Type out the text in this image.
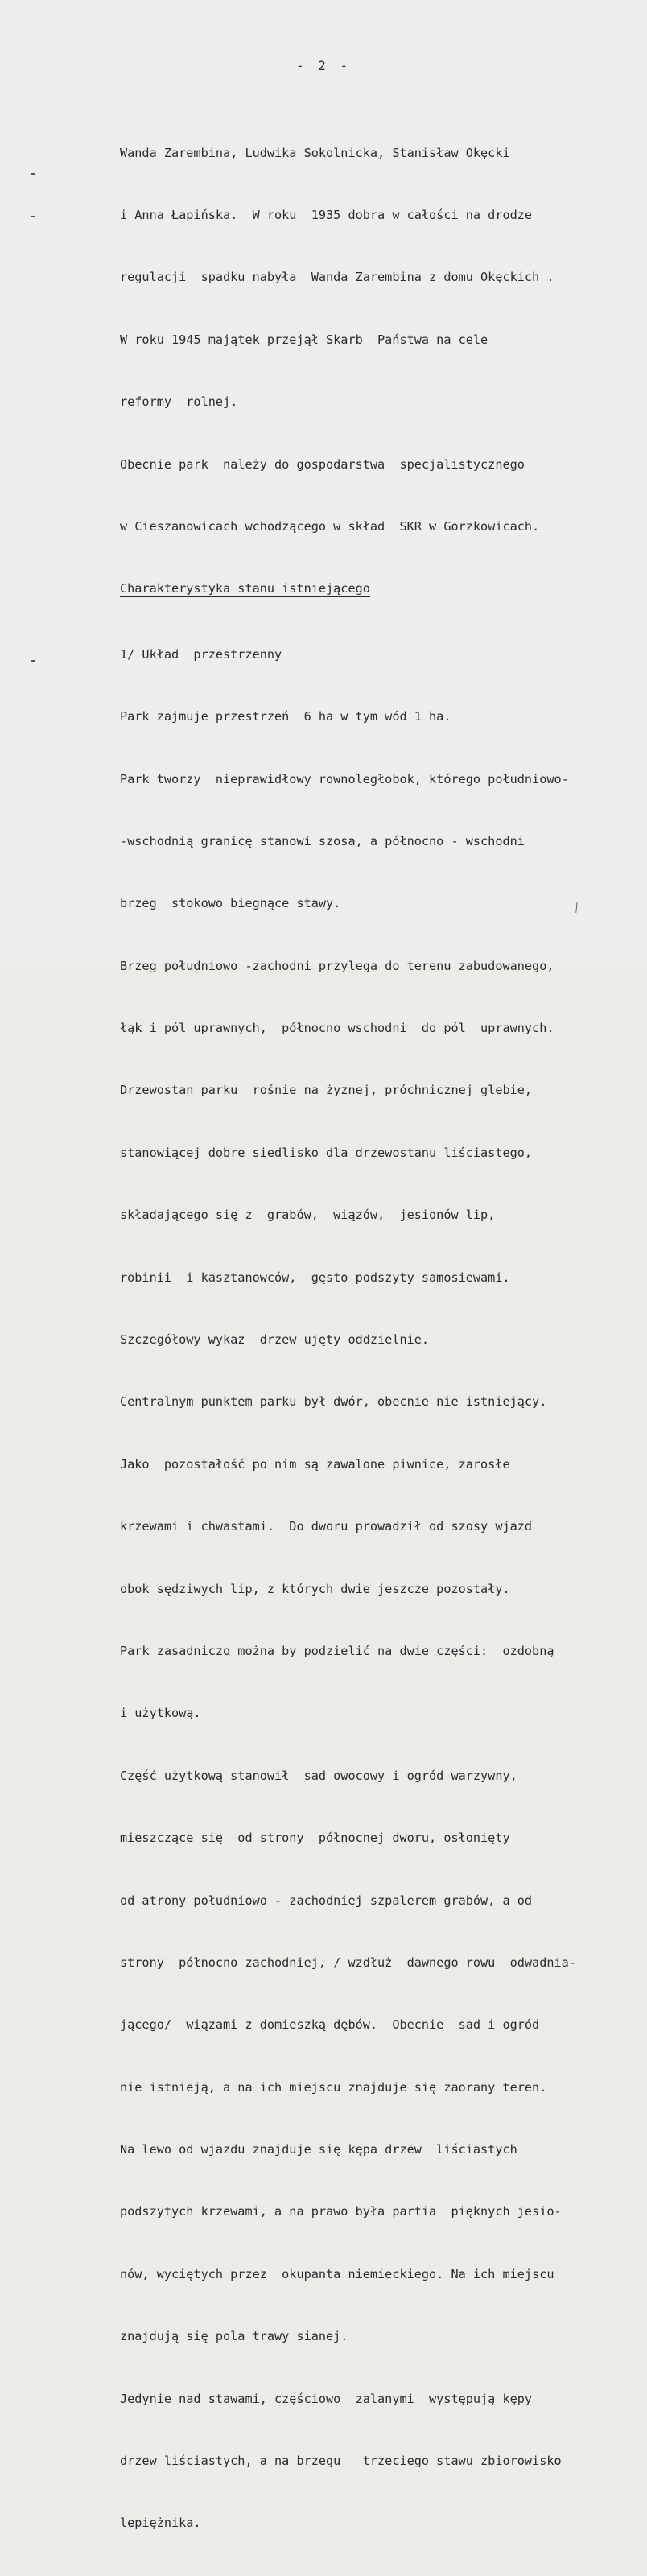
- 2 -

Wanda Zarembina, Ludwika Sokolnicka, Stanisław Okęcki

i Anna Łapińska.  W roku  1935 dobra w całości na drodze

regulacji  spadku nabyła  Wanda Zarembina z domu Okęckich .

W roku 1945 majątek przejął Skarb  Państwa na cele

reformy  rolnej.

Obecnie park  należy do gospodarstwa  specjalistycznego

w Cieszanowicach wchodzącego w skład  SKR w Gorzkowicach.

Charakterystyka stanu istniejącego

1/ Układ  przestrzenny

Park zajmuje przestrzeń  6 ha w tym wód 1 ha.

Park tworzy  nieprawidłowy rownoległobok, którego południowo-

-wschodnią granicę stanowi szosa, a północno - wschodni

brzeg  stokowo biegnące stawy.

Brzeg południowo -zachodni przylega do terenu zabudowanego,

łąk i pól uprawnych,  północno wschodni  do pól  uprawnych.

Drzewostan parku  rośnie na żyznej, próchnicznej glebie,

stanowiącej dobre siedlisko dla drzewostanu liściastego,

składającego się z  grabów,  wiązów,  jesionów lip,

robinii  i kasztanowców,  gęsto podszyty samosiewami.

Szczegółowy wykaz  drzew ujęty oddzielnie.

Centralnym punktem parku był dwór, obecnie nie istniejący.

Jako  pozostałość po nim są zawalone piwnice, zarosłe

krzewami i chwastami.  Do dworu prowadził od szosy wjazd

obok sędziwych lip, z których dwie jeszcze pozostały.

Park zasadniczo można by podzielić na dwie części:  ozdobną

i użytkową.

Część użytkową stanowił  sad owocowy i ogród warzywny,

mieszczące się  od strony  północnej dworu, osłonięty

od atrony południowo - zachodniej szpalerem grabów, a od

strony  północno zachodniej, / wzdłuż  dawnego rowu  odwadnia-

jącego/  wiązami z domieszką dębów.  Obecnie  sad i ogród

nie istnieją, a na ich miejscu znajduje się zaorany teren.

Na lewo od wjazdu znajduje się kępa drzew  liściastych

podszytych krzewami, a na prawo była partia  pięknych jesio-

nów, wyciętych przez  okupanta niemieckiego. Na ich miejscu

znajdują się pola trawy sianej.

Jedynie nad stawami, częściowo  zalanymi  występują kępy

drzew liściastych, a na brzegu   trzeciego stawu zbiorowisko

lepiężnika.
